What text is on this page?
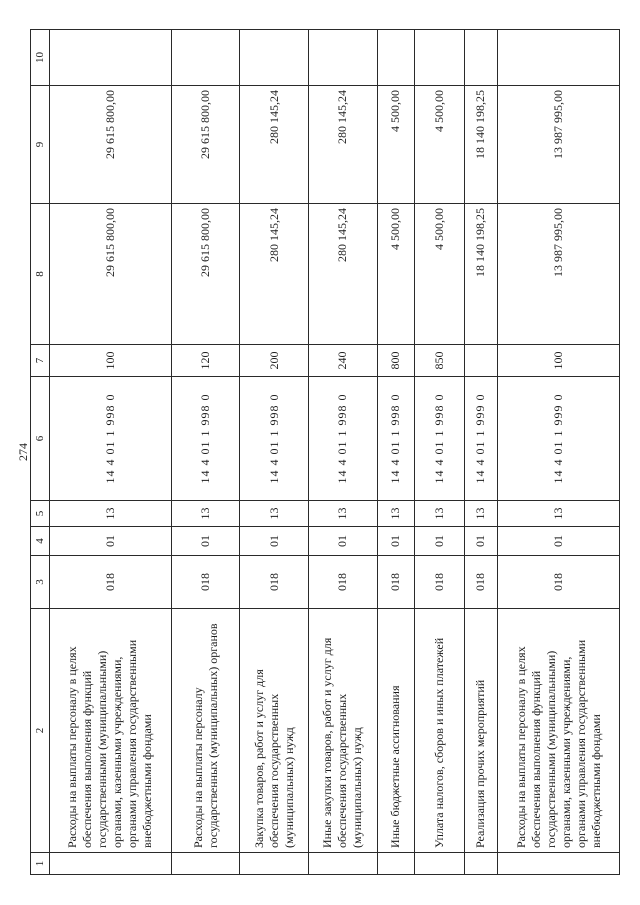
274
1	2	3	4	5	6	7	8	9	10
	Расходы на выплаты персоналу в целях обеспечения выполнения функций государственными (муниципальными) органами, казенными учреждениями, органами управления государственными внебюджетными фондами	018	01	13	14 4 01 1 998 0	100	29 615 800,00	29 615 800,00	
	Расходы на выплаты персоналу государственных (муниципальных) органов	018	01	13	14 4 01 1 998 0	120	29 615 800,00	29 615 800,00	
	Закупка товаров, работ и услуг для обеспечения государственных (муниципальных) нужд	018	01	13	14 4 01 1 998 0	200	280 145,24	280 145,24	
	Иные закупки товаров, работ и услуг для обеспечения государственных (муниципальных) нужд	018	01	13	14 4 01 1 998 0	240	280 145,24	280 145,24	
	Иные бюджетные ассигнования	018	01	13	14 4 01 1 998 0	800	4 500,00	4 500,00	
	Уплата налогов, сборов и иных платежей	018	01	13	14 4 01 1 998 0	850	4 500,00	4 500,00	
	Реализация прочих мероприятий	018	01	13	14 4 01 1 999 0		18 140 198,25	18 140 198,25	
	Расходы на выплаты персоналу в целях обеспечения выполнения функций государственными (муниципальными) органами, казенными учреждениями, органами управления государственными внебюджетными фондами	018	01	13	14 4 01 1 999 0	100	13 987 995,00	13 987 995,00	
